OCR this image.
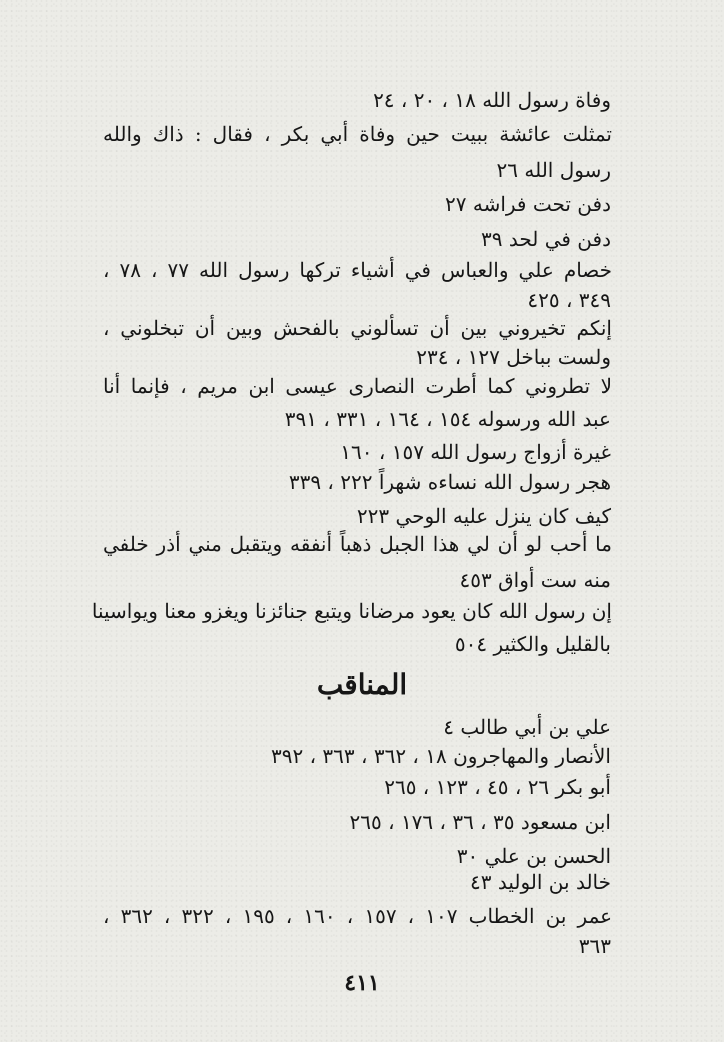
وفاة رسول الله ١٨ ، ٢٠ ، ٢٤
تمثلت عائشة ببيت حين وفاة أبي بكر ، فقال : ذاك والله
رسول الله ٢٦
دفن تحت فراشه ٢٧
دفن في لحد ٣٩
خصام علي والعباس في أشياء تركها رسول الله ٧٧ ، ٧٨ ،
٣٤٩ ، ٤٢٥
إنكم تخيروني بين أن تسألوني بالفحش وبين أن تبخلوني ،
ولست بباخل ١٢٧ ، ٢٣٤
لا تطروني كما أطرت النصارى عيسى ابن مريم ، فإنما أنا
عبد الله ورسوله ١٥٤ ، ١٦٤ ، ٣٣١ ، ٣٩١
غيرة أزواج رسول الله ١٥٧ ، ١٦٠
هجر رسول الله نساءه شهراً ٢٢٢ ، ٣٣٩
كيف كان ينزل عليه الوحي ٢٢٣
ما أحب لو أن لي هذا الجبل ذهباً أنفقه ويتقبل مني أذر خلفي
منه ست أواق ٤٥٣
إن رسول الله كان يعود مرضانا ويتبع جنائزنا ويغزو معنا ويواسينا
بالقليل والكثير ٥٠٤
المناقب
علي بن أبي طالب ٤
الأنصار والمهاجرون ١٨ ، ٣٦٢ ، ٣٦٣ ، ٣٩٢
أبو بكر ٢٦ ، ٤٥ ، ١٢٣ ، ٢٦٥
ابن مسعود ٣٥ ، ٣٦ ، ١٧٦ ، ٢٦٥
الحسن بن علي ٣٠
خالد بن الوليد ٤٣
عمر بن الخطاب ١٠٧ ، ١٥٧ ، ١٦٠ ، ١٩٥ ، ٣٢٢ ، ٣٦٢ ،
٣٦٣
٤١١
